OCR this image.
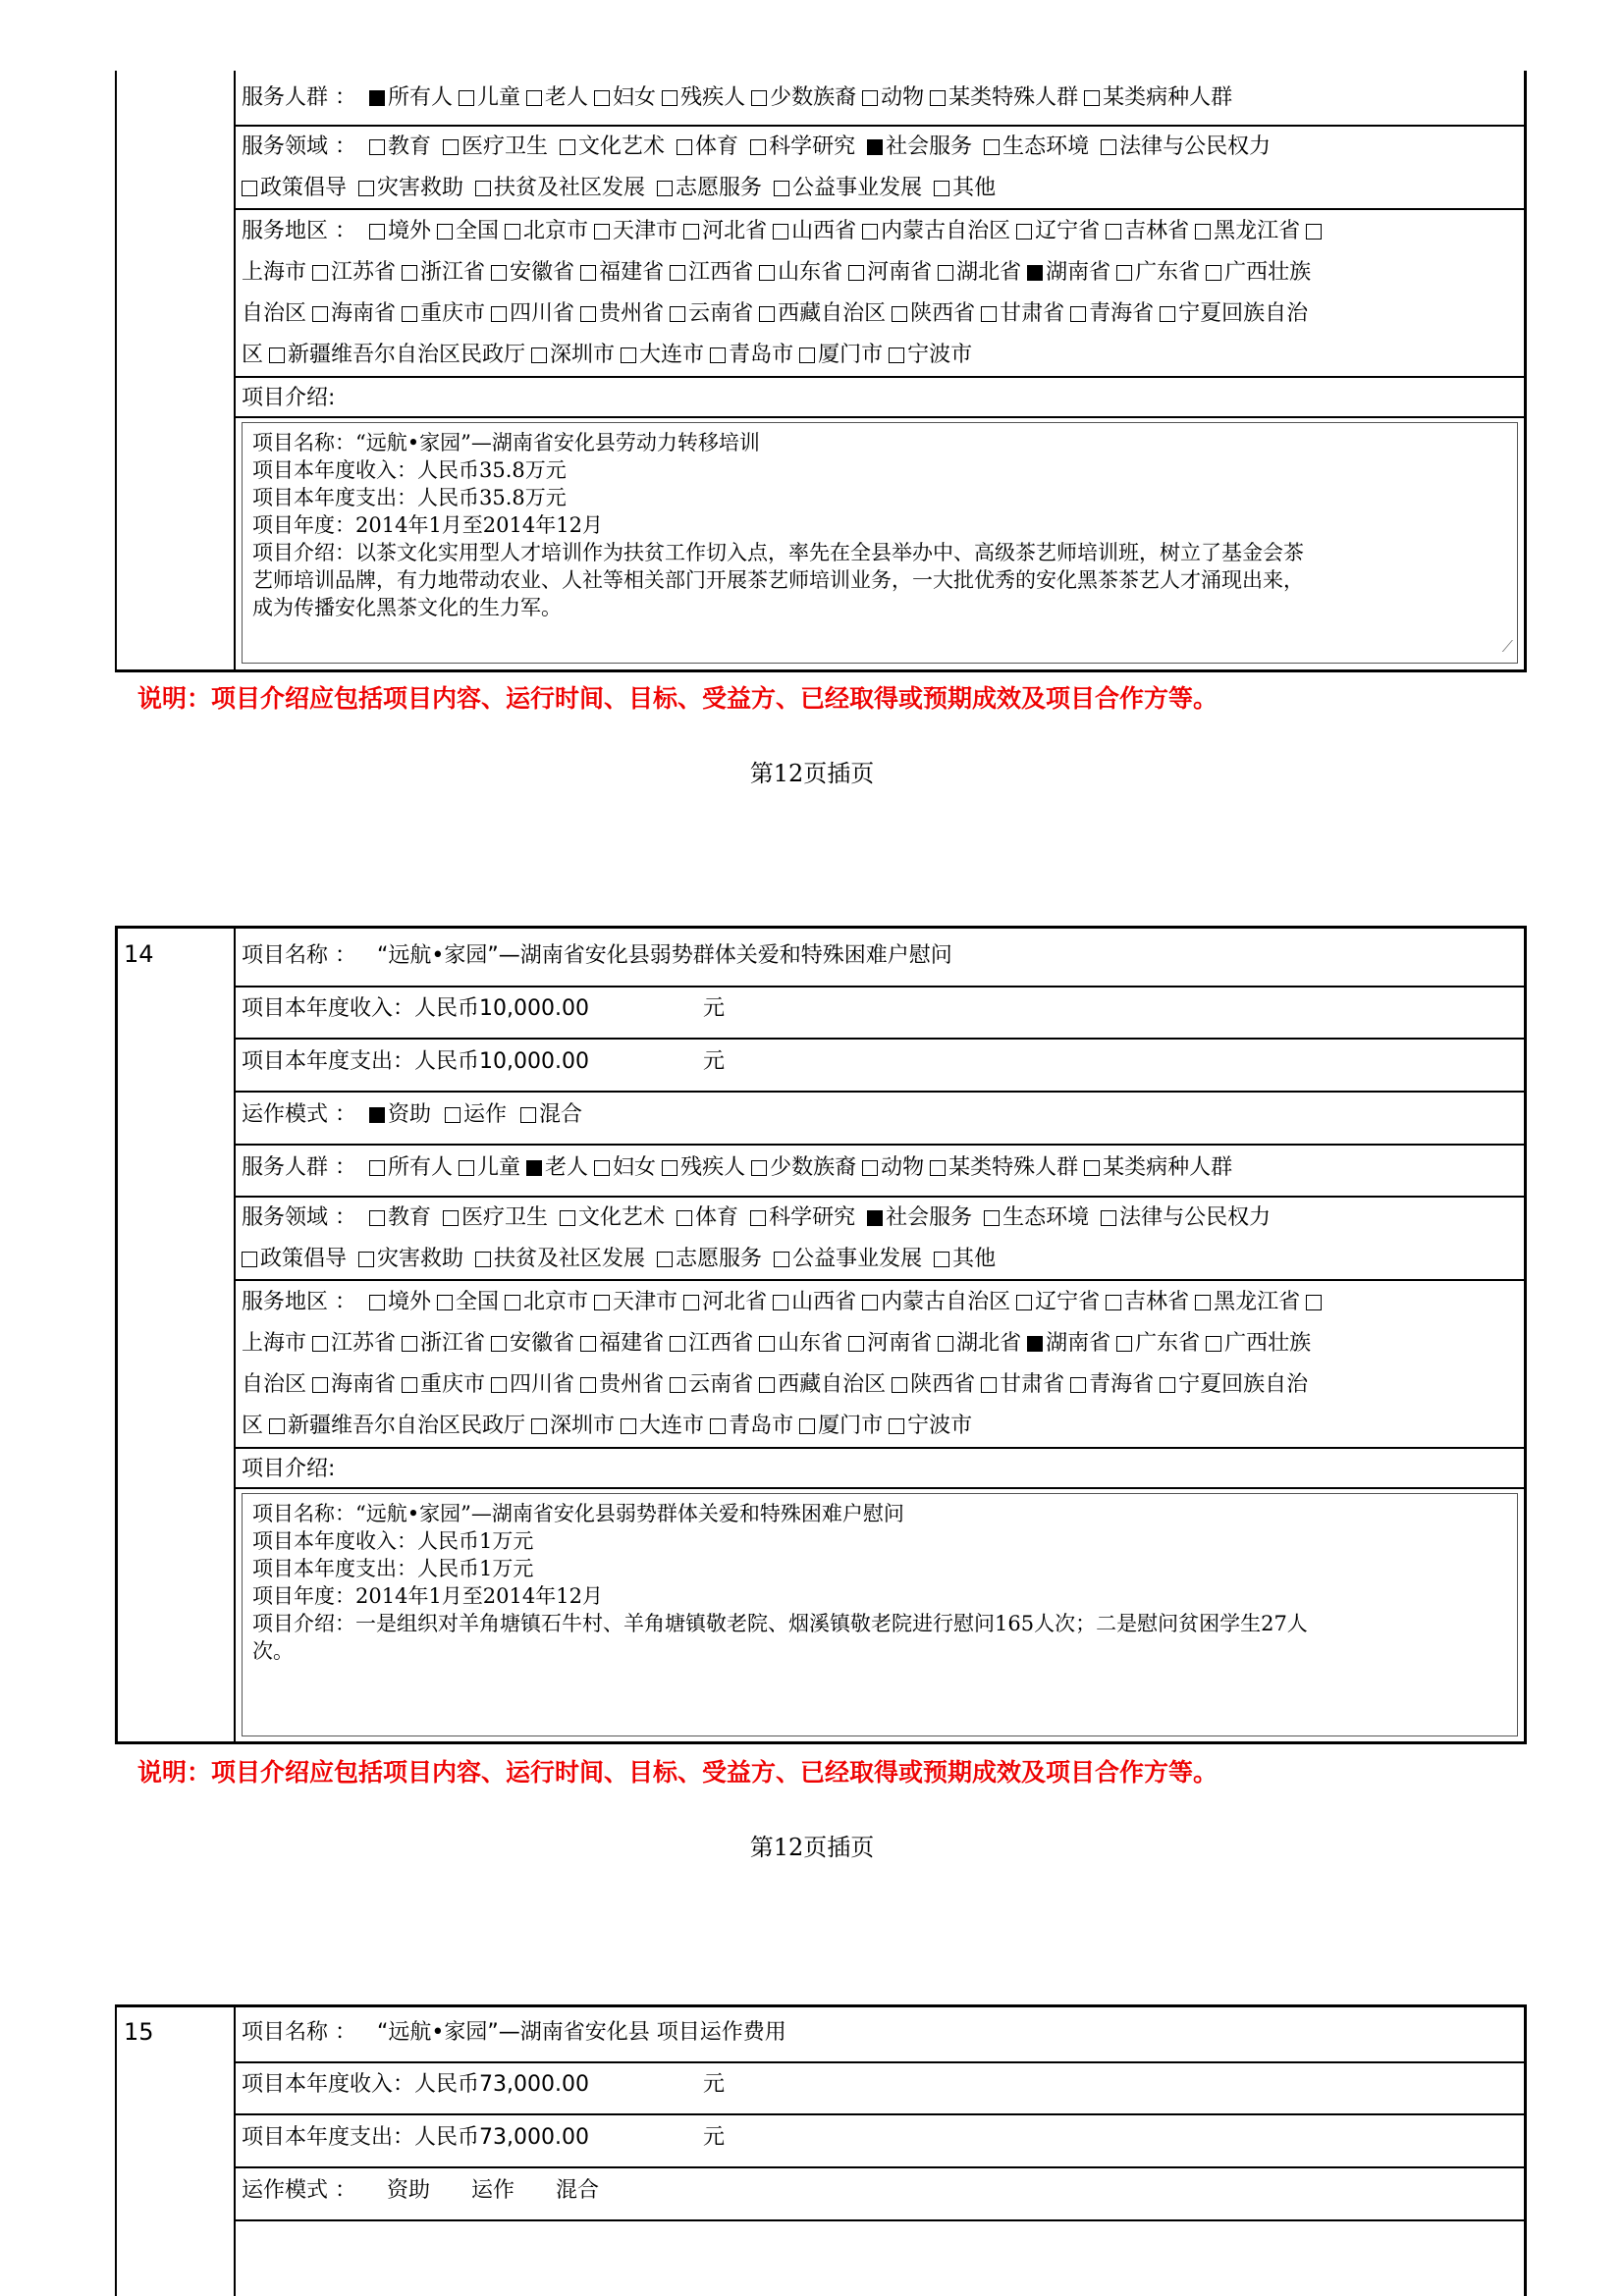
服务人群 ： 所有人 儿童 老人 妇女 残疾人 少数族裔 动物 某类特殊人群 某类病种人群
服务领域 ： 教育 医疗卫生 文化艺术 体育 科学研究 社会服务 生态环境 法律与公民权力
政策倡导 灾害救助 扶贫及社区发展 志愿服务 公益事业发展 其他
服务地区 ： 境外 全国 北京市 天津市 河北省 山西省 内蒙古自治区 辽宁省 吉林省 黑龙江省
上海市 江苏省 浙江省 安徽省 福建省 江西省 山东省 河南省 湖北省 湖南省 广东省 广西壮族
自治区 海南省 重庆市 四川省 贵州省 云南省 西藏自治区 陕西省 甘肃省 青海省 宁夏回族自治
区 新疆维吾尔自治区民政厅 深圳市 大连市 青岛市 厦门市 宁波市
项目介绍:
项目名称：“远航•家园”—湖南省安化县劳动力转移培训
项目本年度收入：人民币35.8万元
项目本年度支出：人民币35.8万元
项目年度：2014年1月至2014年12月
项目介绍：以茶文化实用型人才培训作为扶贫工作切入点，率先在全县举办中、高级茶艺师培训班，树立了基金会茶
艺师培训品牌，有力地带动农业、人社等相关部门开展茶艺师培训业务，一大批优秀的安化黑茶茶艺人才涌现出来，
成为传播安化黑茶文化的生力军。
⟋
说明：项目介绍应包括项目内容、运行时间、目标、受益方、已经取得或预期成效及项目合作方等。
第12页插页
14	项目名称 ： “远航•家园”—湖南省安化县弱势群体关爱和特殊困难户慰问
项目本年度收入：人民币10,000.00	元
项目本年度支出：人民币10,000.00	元
运作模式 ： 资助 运作 混合
服务人群 ： 所有人 儿童 老人 妇女 残疾人 少数族裔 动物 某类特殊人群 某类病种人群
服务领域 ： 教育 医疗卫生 文化艺术 体育 科学研究 社会服务 生态环境 法律与公民权力
政策倡导 灾害救助 扶贫及社区发展 志愿服务 公益事业发展 其他
服务地区 ： 境外 全国 北京市 天津市 河北省 山西省 内蒙古自治区 辽宁省 吉林省 黑龙江省
上海市 江苏省 浙江省 安徽省 福建省 江西省 山东省 河南省 湖北省 湖南省 广东省 广西壮族
自治区 海南省 重庆市 四川省 贵州省 云南省 西藏自治区 陕西省 甘肃省 青海省 宁夏回族自治
区 新疆维吾尔自治区民政厅 深圳市 大连市 青岛市 厦门市 宁波市
项目介绍:
项目名称：“远航•家园”—湖南省安化县弱势群体关爱和特殊困难户慰问
项目本年度收入：人民币1万元
项目本年度支出：人民币1万元
项目年度：2014年1月至2014年12月
项目介绍：一是组织对羊角塘镇石牛村、羊角塘镇敬老院、烟溪镇敬老院进行慰问165人次；二是慰问贫困学生27人
次。
说明：项目介绍应包括项目内容、运行时间、目标、受益方、已经取得或预期成效及项目合作方等。
第12页插页
15	项目名称 ： “远航•家园”—湖南省安化县 项目运作费用
项目本年度收入：人民币73,000.00	元
项目本年度支出：人民币73,000.00	元
运作模式 ： 资助 运作 混合
